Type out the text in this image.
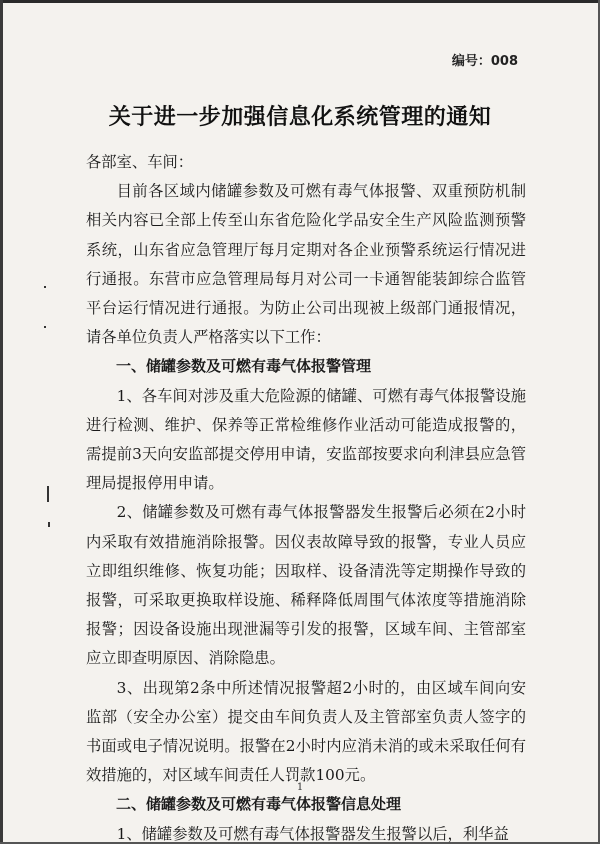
编号：008
关于进一步加强信息化系统管理的通知

各部室、车间：

目前各区域内储罐参数及可燃有毒气体报警、双重预防机制相关内容已全部上传至山东省危险化学品安全生产风险监测预警系统，山东省应急管理厅每月定期对各企业预警系统运行情况进行通报。东营市应急管理局每月对公司一卡通智能装卸综合监管平台运行情况进行通报。为防止公司出现被上级部门通报情况，请各单位负责人严格落实以下工作：

一、储罐参数及可燃有毒气体报警管理

1、各车间对涉及重大危险源的储罐、可燃有毒气体报警设施进行检测、维护、保养等正常检维修作业活动可能造成报警的，需提前3天向安监部提交停用申请，安监部按要求向利津县应急管理局提报停用申请。

2、储罐参数及可燃有毒气体报警器发生报警后必须在2小时内采取有效措施消除报警。因仪表故障导致的报警，专业人员应立即组织维修、恢复功能；因取样、设备清洗等定期操作导致的报警，可采取更换取样设施、稀释降低周围气体浓度等措施消除报警；因设备设施出现泄漏等引发的报警，区域车间、主管部室应立即查明原因、消除隐患。

3、出现第2条中所述情况报警超2小时的，由区域车间向安监部（安全办公室）提交由车间负责人及主管部室负责人签字的书面或电子情况说明。报警在2小时内应消未消的或未采取任何有效措施的，对区域车间责任人罚款100元。

二、储罐参数及可燃有毒气体报警信息处理

1、储罐参数及可燃有毒气体报警器发生报警以后，利华益

1
